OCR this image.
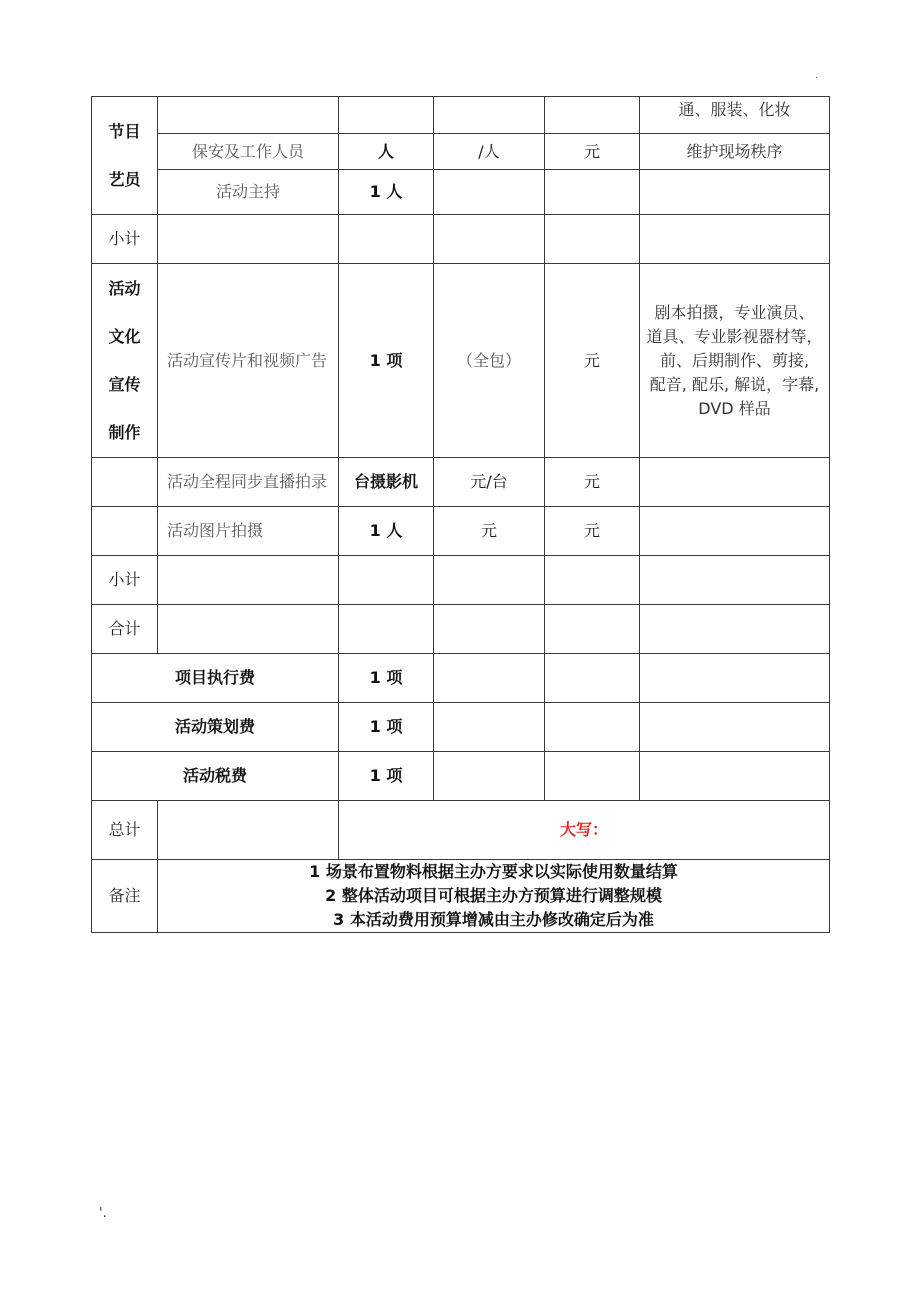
.
节目
艺员					通、服装、化妆
	保安及工作人员	人	/人	元	维护现场秩序
	活动主持	1 人			
小计					

活动
文化
宣传
制作	活动宣传片和视频广告	1 项	（全包）	元	剧本拍摄，专业演员、
道具、专业影视器材等，
前、后期制作、剪接,
配音, 配乐, 解说，字幕,
DVD 样品

	活动全程同步直播拍录	台摄影机	元/台	元	
	活动图片拍摄	1 人	元	元	
小计					
合计					
项目执行费		1 项			
活动策划费		1 项			
活动税费		1 项			
总计		大写：			
备注	1 场景布置物料根据主办方要求以实际使用数量结算
2 整体活动项目可根据主办方预算进行调整规模
3 本活动费用预算增减由主办修改确定后为准				
'.
